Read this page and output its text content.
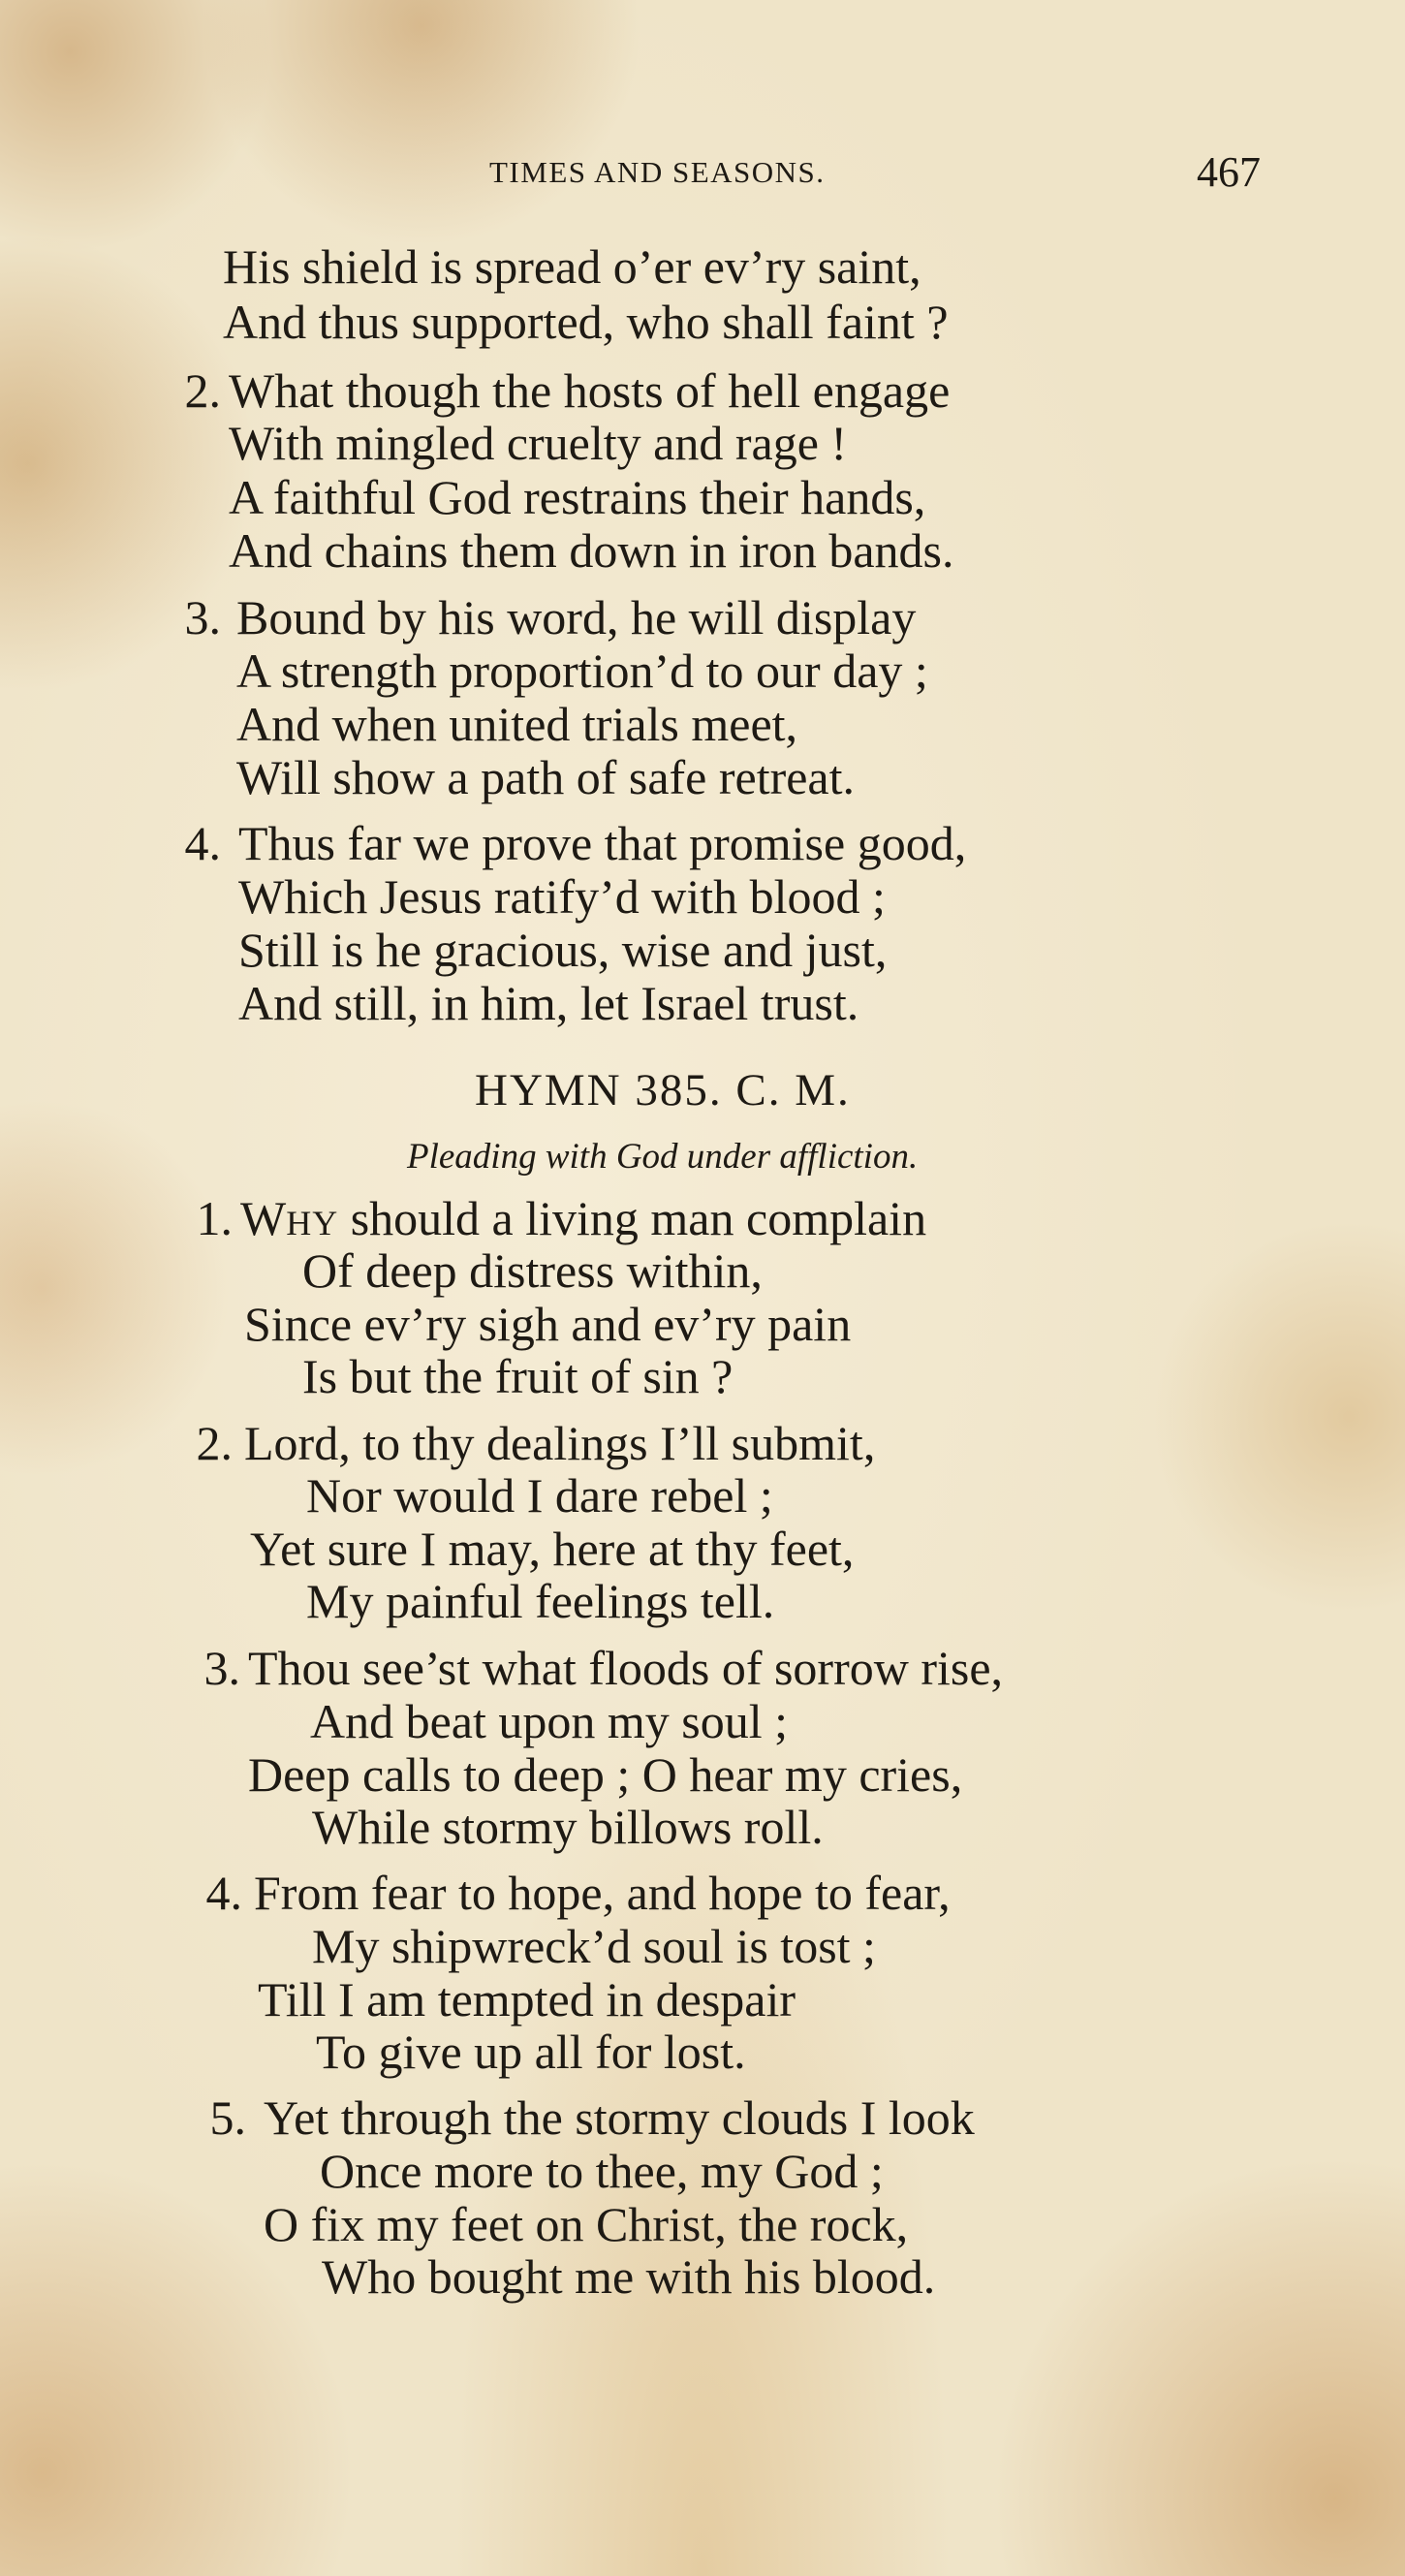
TIMES AND SEASONS.	467
His shield is spread o’er ev’ry saint,
And thus supported, who shall faint ?
2. What though the hosts of hell engage
With mingled cruelty and rage !
A faithful God restrains their hands,
And chains them down in iron bands.
3. Bound by his word, he will display
A strength proportion’d to our day ;
And when united trials meet,
Will show a path of safe retreat.
4. Thus far we prove that promise good,
Which Jesus ratify’d with blood ;
Still is he gracious, wise and just,
And still, in him, let Israel trust.
HYMN 385. C. M.
Pleading with God under affliction.
1. WHY should a living man complain
Of deep distress within,
Since ev’ry sigh and ev’ry pain
Is but the fruit of sin ?
2. Lord, to thy dealings I’ll submit,
Nor would I dare rebel ;
Yet sure I may, here at thy feet,
My painful feelings tell.
3. Thou see’st what floods of sorrow rise,
And beat upon my soul ;
Deep calls to deep ; O hear my cries,
While stormy billows roll.
4. From fear to hope, and hope to fear,
My shipwreck’d soul is tost ;
Till I am tempted in despair
To give up all for lost.
5. Yet through the stormy clouds I look
Once more to thee, my God ;
O fix my feet on Christ, the rock,
Who bought me with his blood.
